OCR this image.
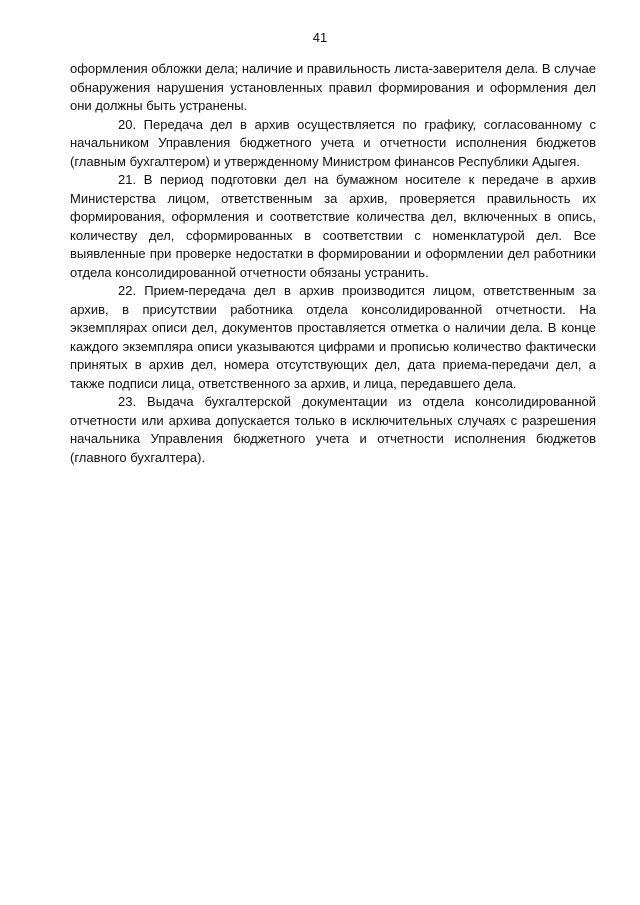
41

оформления обложки дела; наличие и правильность листа-заверителя дела. В случае обнаружения нарушения установленных правил формирования и оформления дел они должны быть устранены.

20. Передача дел в архив осуществляется по графику, согласованному с начальником Управления бюджетного учета и отчетности исполнения бюджетов (главным бухгалтером) и утвержденному Министром финансов Республики Адыгея.

21. В период подготовки дел на бумажном носителе к передаче в архив Министерства лицом, ответственным за архив, проверяется правильность их формирования, оформления и соответствие количества дел, включенных в опись, количеству дел, сформированных в соответствии с номенклатурой дел. Все выявленные при проверке недостатки в формировании и оформлении дел работники отдела консолидированной отчетности обязаны устранить.

22. Прием-передача дел в архив производится лицом, ответственным за архив, в присутствии работника отдела консолидированной отчетности. На экземплярах описи дел, документов проставляется отметка о наличии дела. В конце каждого экземпляра описи указываются цифрами и прописью количество фактически принятых в архив дел, номера отсутствующих дел, дата приема-передачи дел, а также подписи лица, ответственного за архив, и лица, передавшего дела.

23. Выдача бухгалтерской документации из отдела консолидированной отчетности или архива допускается только в исключительных случаях с разрешения начальника Управления бюджетного учета и отчетности исполнения бюджетов (главного бухгалтера).
